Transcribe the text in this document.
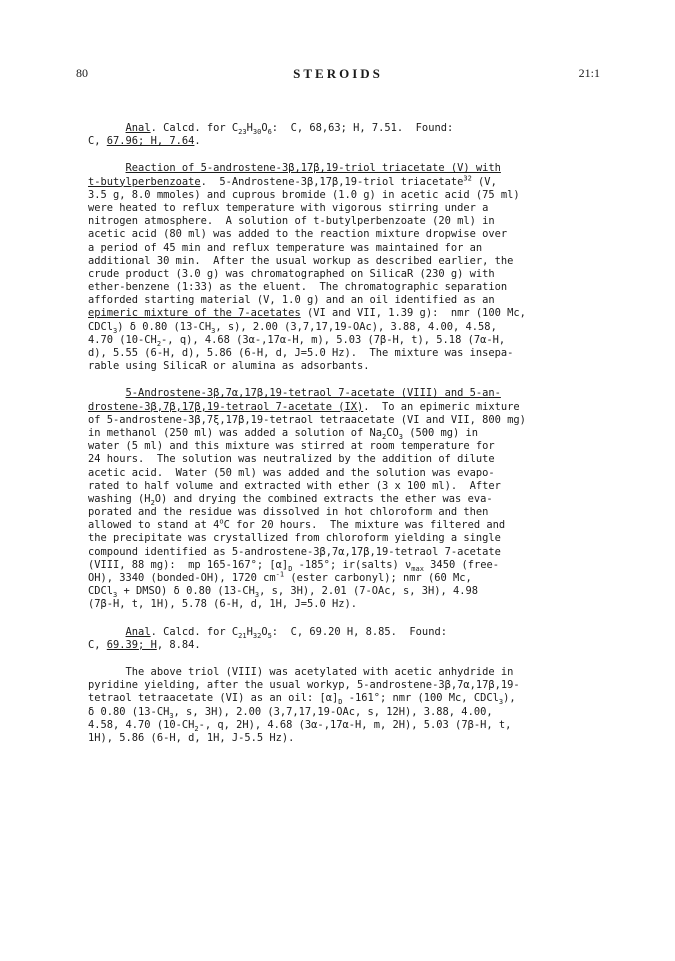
80	STEROIDS	21:1
Anal. Calcd. for $C_{23}H_{30}O_6$:  C, 68,63; H, 7.51.  Found:
C, 67.96; H, 7.64.
Reaction of 5-androstene-3β,17β,19-triol triacetate (V) with
t-butylperbenzoate.  5-Androstene-3β,17β,19-triol triacetate$^{32}$ (V,
3.5 g, 8.0 mmoles) and cuprous bromide (1.0 g) in acetic acid (75 ml)
were heated to reflux temperature with vigorous stirring under a
nitrogen atmosphere.  A solution of t-butylperbenzoate (20 ml) in
acetic acid (80 ml) was added to the reaction mixture dropwise over
a period of 45 min and reflux temperature was maintained for an
additional 30 min.  After the usual workup as described earlier, the
crude product (3.0 g) was chromatographed on SilicaR (230 g) with
ether-benzene (1:33) as the eluent.  The chromatographic separation
afforded starting material (V, 1.0 g) and an oil identified as an
epimeric mixture of the 7-acetates (VI and VII, 1.39 g):  nmr (100 Mc,
CDCl$_3$) δ 0.80 ($13-CH_3$, s), 2.00 (3,7,17,19-OAc), 3.88, 4.00, 4.58,
4.70 ($10-CH_2-$, q), 4.68 (3α-,17α-H, m), 5.03 (7β-H, t), 5.18 (7α-H,
d), 5.55 (6-H, d), 5.86 (6-H, d, J=5.0 Hz).  The mixture was insepa-
rable using SilicaR or alumina as adsorbants.
5-Androstene-3β,7α,17β,19-tetraol 7-acetate (VIII) and 5-an-
drostene-3β,7β,17β,19-tetraol 7-acetate (IX).  To an epimeric mixture
of 5-androstene-3β,7ξ,17β,19-tetraol tetraacetate (VI and VII, 800 mg)
in methanol (250 ml) was added a solution of $Na_2CO_3$ (500 mg) in
water (5 ml) and this mixture was stirred at room temperature for
24 hours.  The solution was neutralized by the addition of dilute
acetic acid.  Water (50 ml) was added and the solution was evapo-
rated to half volume and extracted with ether (3 x 100 ml).  After
washing $(H_2O)$ and drying the combined extracts the ether was eva-
porated and the residue was dissolved in hot chloroform and then
allowed to stand at 4$^o$C for 20 hours.  The mixture was filtered and
the precipitate was crystallized from chloroform yielding a single
compound identified as 5-androstene-3β,7α,17β,19-tetraol 7-acetate
(VIII, 88 mg):  mp 165-167°; $[\alpha]_D$ -185°; ir(salts) $\nu_{max}$ 3450 (free-
OH), 3340 (bonded-OH), 1720 $cm^{-1}$ (ester carbonyl); nmr (60 Mc,
CDCl$_3$ + DMSO) δ 0.80 ($13-CH_3$, s, 3H), 2.01 (7-OAc, s, 3H), 4.98
(7β-H, t, 1H), 5.78 (6-H, d, 1H, J=5.0 Hz).
Anal. Calcd. for $C_{21}H_{32}O_5$:  C, 69.20 H, 8.85.  Found:
C, 69.39; H, 8.84.
The above triol (VIII) was acetylated with acetic anhydride in
pyridine yielding, after the usual workyp, 5-androstene-3β,7α,17β,19-
tetraol tetraacetate (VI) as an oil: $[\alpha]_D$ -161°; nmr (100 Mc, CDCl$_3$),
δ 0.80 ($13-CH_3$, s, 3H), 2.00 (3,7,17,19-OAc, s, 12H), 3.88, 4.00,
4.58, 4.70 ($10-CH_2-$, q, 2H), 4.68 (3α-,17α-H, m, 2H), 5.03 (7β-H, t,
1H), 5.86 (6-H, d, 1H, J-5.5 Hz).
